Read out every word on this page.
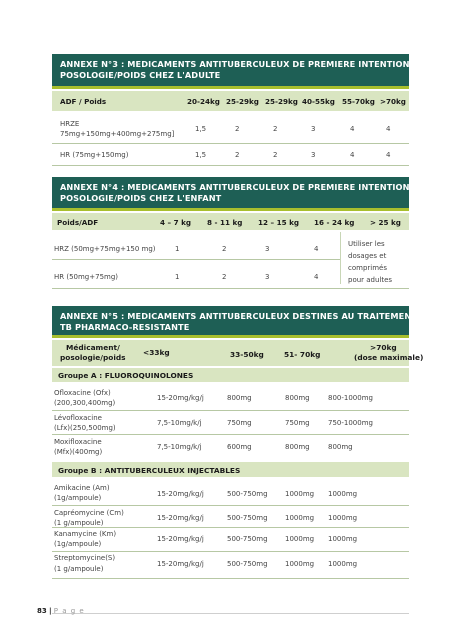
ANNEXE N°3 : MEDICAMENTS ANTITUBERCULEUX DE PREMIERE INTENTION (ADF)
POSOLOGIE/POIDS CHEZ L'ADULTE
ADF / Poids	20-24kg 25-29kg 25-29kg 40-55kg 55-70kg >70kg
HRZE
75mg+150mg+400mg+275mg]
1,5	2	2	3	4	4
HR (75mg+150mg)	1,5	2	2	3	4	4
ANNEXE N°4 : MEDICAMENTS ANTITUBERCULEUX DE PREMIERE INTENTION (ADF)
POSOLOGIE/POIDS CHEZ L'ENFANT
Poids/ADF	4 – 7 kg 8 - 11 kg 12 – 15 kg 16 - 24 kg > 25 kg
HRZ (50mg+75mg+150 mg)	1	2	3	4
HR (50mg+75mg)	1	2	3	4
Utiliser les
dosages et
comprimés
pour adultes
ANNEXE N°5 : MEDICAMENTS ANTITUBERCULEUX DESTINES AU TRAITEMENT DE LA
TB PHARMACO-RESISTANTE
Médicament/
posologie/poids
<33kg	33-50kg	51- 70kg
>70kg
(dose maximale)
Groupe A : FLUOROQUINOLONES
Ofloxacine (Ofx)
(200,300,400mg)
15-20mg/kg/j	800mg	800mg	800-1000mg
Lévofloxacine
(Lfx)(250,500mg)
7,5-10mg/k/j	750mg	750mg	750-1000mg
Moxifloxacine
(Mfx)(400mg)
7,5-10mg/k/j	600mg	800mg	800mg
Groupe B : ANTITUBERCULEUX INJECTABLES
Amikacine (Am)
(1g/ampoule)	15-20mg/kg/j	500-750mg 1000mg 1000mg
Capréomycine (Cm)
(1 g/ampoule)
15-20mg/kg/j	500-750mg 1000mg 1000mg
Kanamycine (Km)
(1g/ampoule)
15-20mg/kg/j	500-750mg 1000mg 1000mg
Streptomycine(S)
(1 g/ampoule)
15-20mg/kg/j	500-750mg 1000mg 1000mg
83 | P a g e
